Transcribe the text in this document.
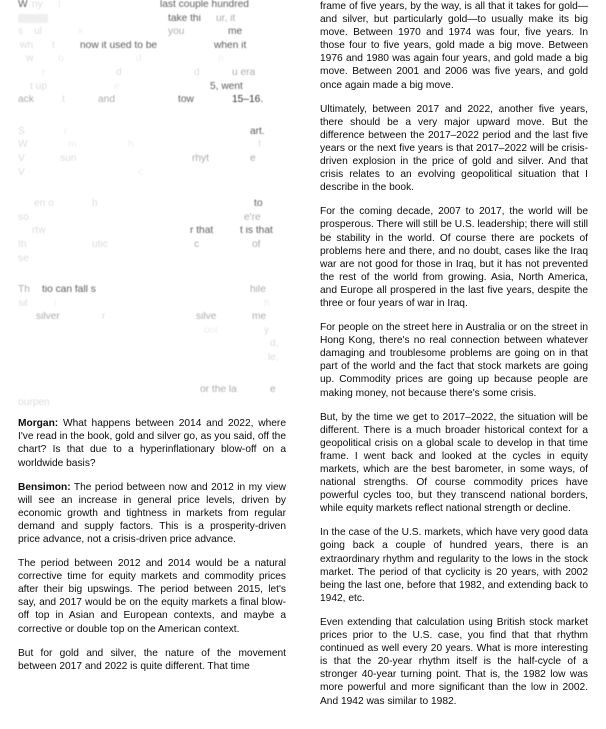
W ny t	last couple hundred
take thi ur, it
s ul	x	you	me
wh t now it used to be	when it
w o	d	n
r	d	d	u era
t up	e	5, went
ack	t	and	tow	15–16.
S	r	art.
W	m	h	f
V	sun	rhyt	e
V	c
en o	h	to
so	e're
rtw	r that	t is that
th	utic	c	of
se
Th tio can fall s	hile
sil	i	h
silver	r	silve	me
ool	y
d,
le,
or the la	e
ourpen

Morgan: What happens between 2014 and 2022, where I've read in the book, gold and silver go, as you said, off the chart? Is that due to a hyperinflationary blow-off on a worldwide basis?

Bensimon: The period between now and 2012 in my view will see an increase in general price levels, driven by economic growth and tightness in markets from regular demand and supply factors. This is a prosperity-driven price advance, not a crisis-driven price advance.

The period between 2012 and 2014 would be a natural corrective time for equity markets and commodity prices after their big upswings. The period between 2015, let's say, and 2017 would be on the equity markets a final blow-off top in Asian and European contexts, and maybe a corrective or double top on the American context.

But for gold and silver, the nature of the movement between 2017 and 2022 is quite different. That time

frame of five years, by the way, is all that it takes for gold—and silver, but particularly gold—to usually make its big move. Between 1970 and 1974 was four, five years. In those four to five years, gold made a big move. Between 1976 and 1980 was again four years, and gold made a big move. Between 2001 and 2006 was five years, and gold once again made a big move.

Ultimately, between 2017 and 2022, another five years, there should be a very major upward move. But the difference between the 2017–2022 period and the last five years or the next five years is that 2017–2022 will be crisis-driven explosion in the price of gold and silver. And that crisis relates to an evolving geopolitical situation that I describe in the book.

For the coming decade, 2007 to 2017, the world will be prosperous. There will still be U.S. leadership; there will still be stability in the world. Of course there are pockets of problems here and there, and no doubt, cases like the Iraq war are not good for those in Iraq, but it has not prevented the rest of the world from growing. Asia, North America, and Europe all prospered in the last five years, despite the three or four years of war in Iraq.

For people on the street here in Australia or on the street in Hong Kong, there's no real connection between whatever damaging and troublesome problems are going on in that part of the world and the fact that stock markets are going up. Commodity prices are going up because people are making money, not because there's some crisis.

But, by the time we get to 2017–2022, the situation will be different. There is a much broader historical context for a geopolitical crisis on a global scale to develop in that time frame. I went back and looked at the cycles in equity markets, which are the best barometer, in some ways, of national strengths. Of course commodity prices have powerful cycles too, but they transcend national borders, while equity markets reflect national strength or decline.

In the case of the U.S. markets, which have very good data going back a couple of hundred years, there is an extraordinary rhythm and regularity to the lows in the stock market. The period of that cyclicity is 20 years, with 2002 being the last one, before that 1982, and extending back to 1942, etc.

Even extending that calculation using British stock market prices prior to the U.S. case, you find that that rhythm continued as well every 20 years. What is more interesting is that the 20-year rhythm itself is the half-cycle of a stronger 40-year turning point. That is, the 1982 low was more powerful and more significant than the low in 2002. And 1942 was similar to 1982.
